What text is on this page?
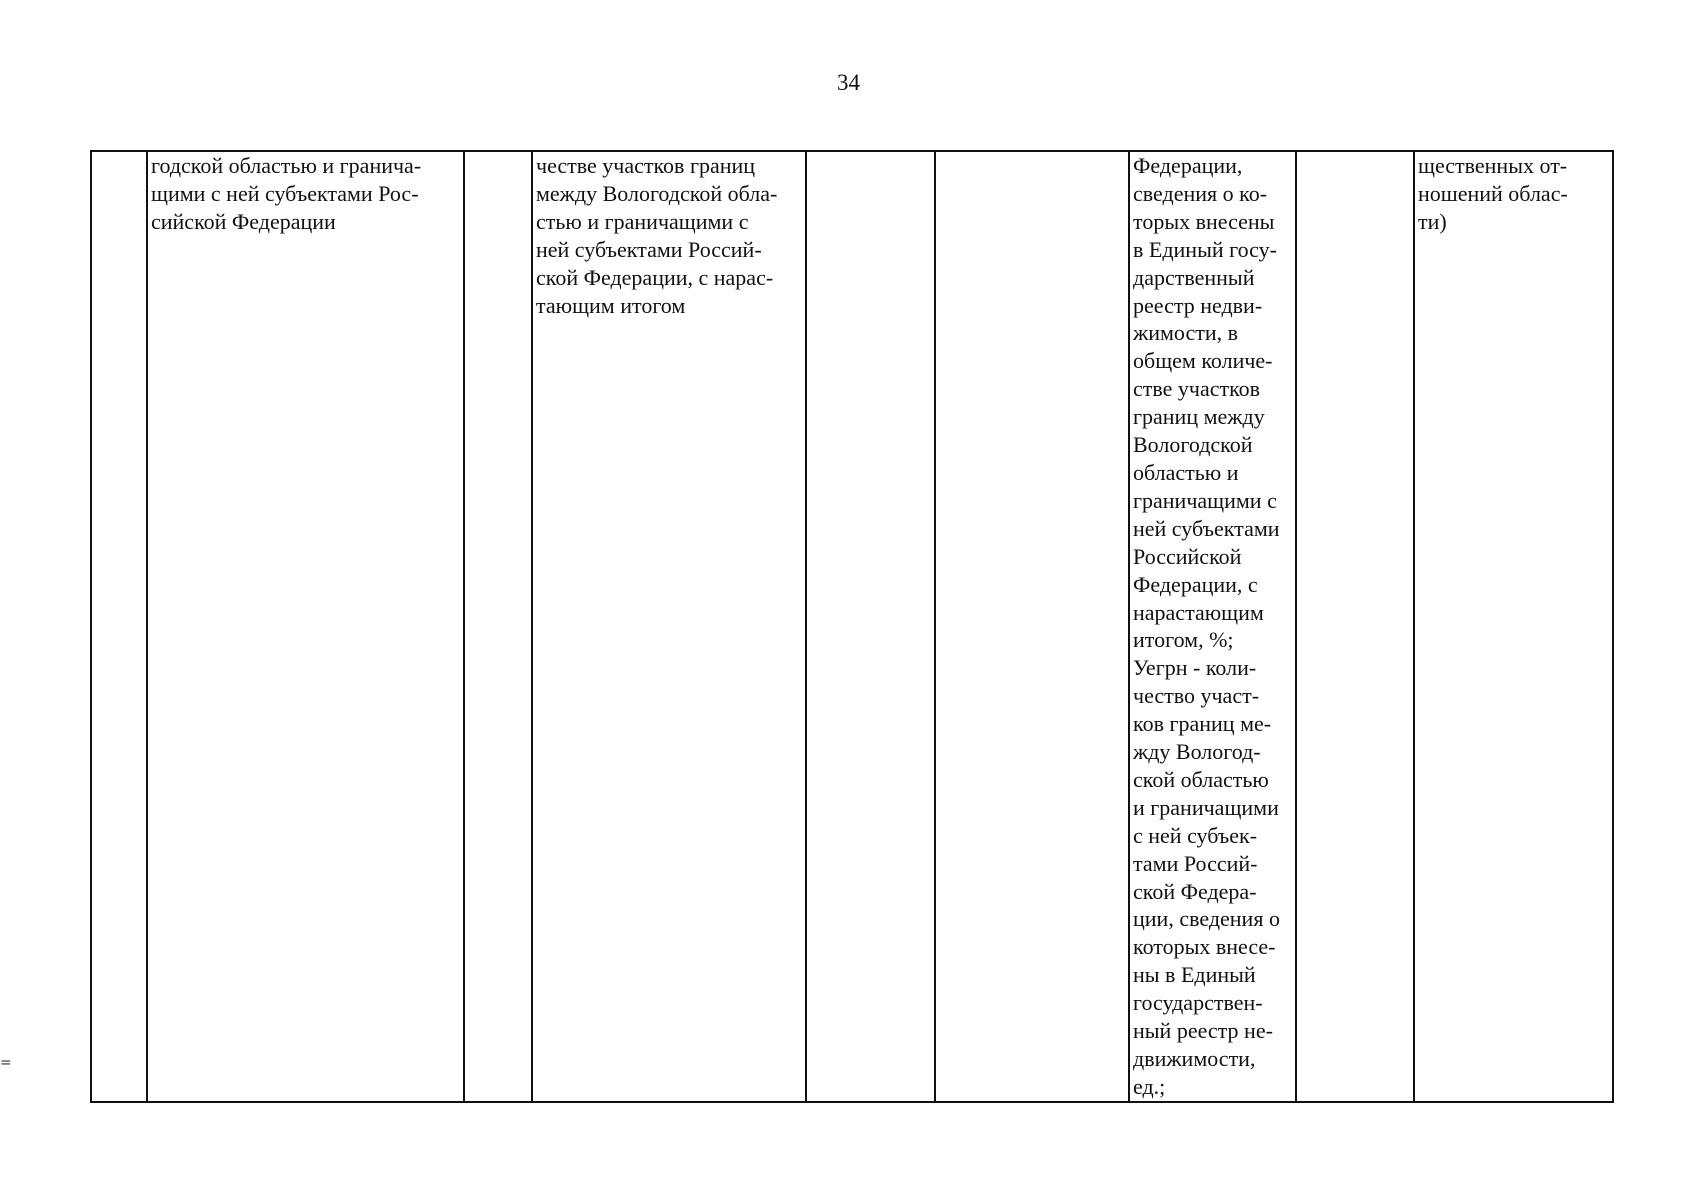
34
	годской областью и гранича-
щими с ней субъектами Рос-
сийской Федерации		честве участков границ
между Вологодской обла-
стью и граничащими с
ней субъектами Россий-
ской Федерации, с нарас-
тающим итогом			Федерации,
сведения о ко-
торых внесены
в Единый госу-
дарственный
реестр недви-
жимости, в
общем количе-
стве участков
границ между
Вологодской
областью и
граничащими с
ней субъектами
Российской
Федерации, с
нарастающим
итогом, %;
Уегрн - коли-
чество участ-
ков границ ме-
жду Вологод-
ской областью
и граничащими
с ней субъек-
тами Россий-
ской Федера-
ции, сведения о
которых внесе-
ны в Единый
государствен-
ный реестр не-
движимости,
ед.;		щественных от-
ношений облас-
ти)
=
